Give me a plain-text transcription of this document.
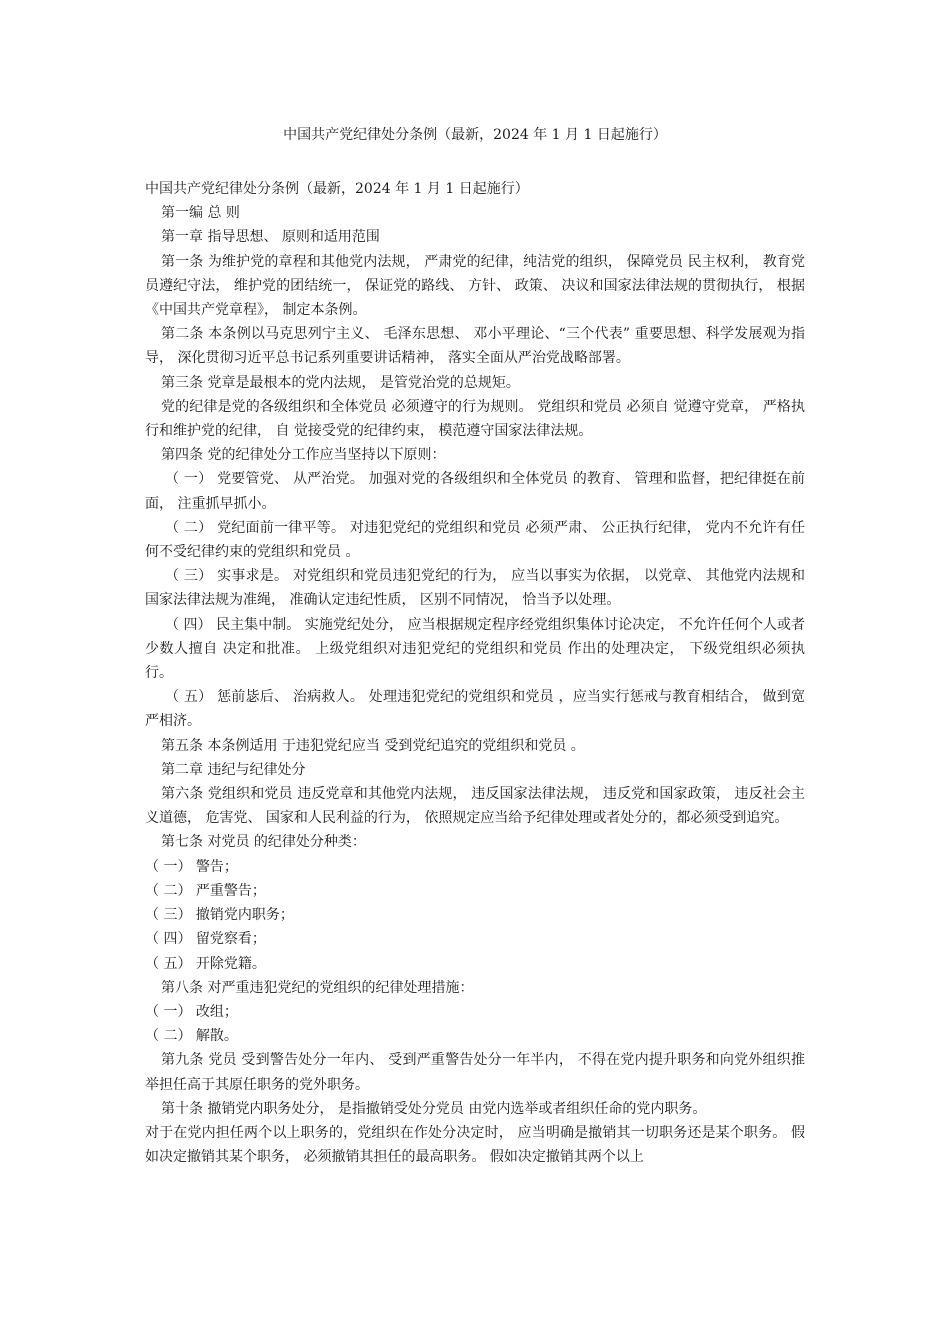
中国共产党纪律处分条例（最新，2024 年 1 月 1 日起施行）

中国共产党纪律处分条例（最新，2024 年 1 月 1 日起施行）

第一编 总 则

第一章 指导思想、 原则和适用范围

第一条 为维护党的章程和其他党内法规， 严肃党的纪律，纯洁党的组织， 保障党员 民主权利， 教育党员遵纪守法， 维护党的团结统一， 保证党的路线、 方针、 政策、 决议和国家法律法规的贯彻执行， 根据《中国共产党章程》， 制定本条例。

第二条 本条例以马克思列宁主义、 毛泽东思想、 邓小平理论、“三个代表” 重要思想、科学发展观为指导， 深化贯彻习近平总书记系列重要讲话精神， 落实全面从严治党战略部署。

第三条 党章是最根本的党内法规， 是管党治党的总规矩。

党的纪律是党的各级组织和全体党员 必须遵守的行为规则。 党组织和党员 必须自 觉遵守党章， 严格执行和维护党的纪律， 自 觉接受党的纪律约束， 模范遵守国家法律法规。

第四条 党的纪律处分工作应当坚持以下原则：

（ 一） 党要管党、 从严治党。 加强对党的各级组织和全体党员 的教育、 管理和监督，把纪律挺在前面， 注重抓早抓小。

（ 二） 党纪面前一律平等。 对违犯党纪的党组织和党员 必须严肃、 公正执行纪律， 党内不允许有任何不受纪律约束的党组织和党员 。

（ 三） 实事求是。 对党组织和党员违犯党纪的行为， 应当以事实为依据， 以党章、 其他党内法规和国家法律法规为准绳， 准确认定违纪性质， 区别不同情况， 恰当予以处理。

（ 四） 民主集中制。 实施党纪处分， 应当根据规定程序经党组织集体讨论决定， 不允许任何个人或者少数人擅自 决定和批准。 上级党组织对违犯党纪的党组织和党员 作出的处理决定， 下级党组织必须执行。

（ 五） 惩前毖后、 治病救人。 处理违犯党纪的党组织和党员 ，应当实行惩戒与教育相结合， 做到宽严相济。

第五条 本条例适用 于违犯党纪应当 受到党纪追究的党组织和党员 。

第二章 违纪与纪律处分

第六条 党组织和党员 违反党章和其他党内法规， 违反国家法律法规， 违反党和国家政策， 违反社会主义道德， 危害党、 国家和人民利益的行为， 依照规定应当给予纪律处理或者处分的，都必须受到追究。

第七条 对党员 的纪律处分种类：

（ 一） 警告；

（ 二） 严重警告；

（ 三） 撤销党内职务；

（ 四） 留党察看；

（ 五） 开除党籍。

第八条 对严重违犯党纪的党组织的纪律处理措施：

（ 一） 改组；

（ 二） 解散。

第九条 党员 受到警告处分一年内、 受到严重警告处分一年半内， 不得在党内提升职务和向党外组织推举担任高于其原任职务的党外职务。

第十条 撤销党内职务处分， 是指撤销受处分党员 由党内选举或者组织任命的党内职务。

对于在党内担任两个以上职务的，党组织在作处分决定时， 应当明确是撤销其一切职务还是某个职务。 假如决定撤销其某个职务， 必须撤销其担任的最高职务。 假如决定撤销其两个以上
